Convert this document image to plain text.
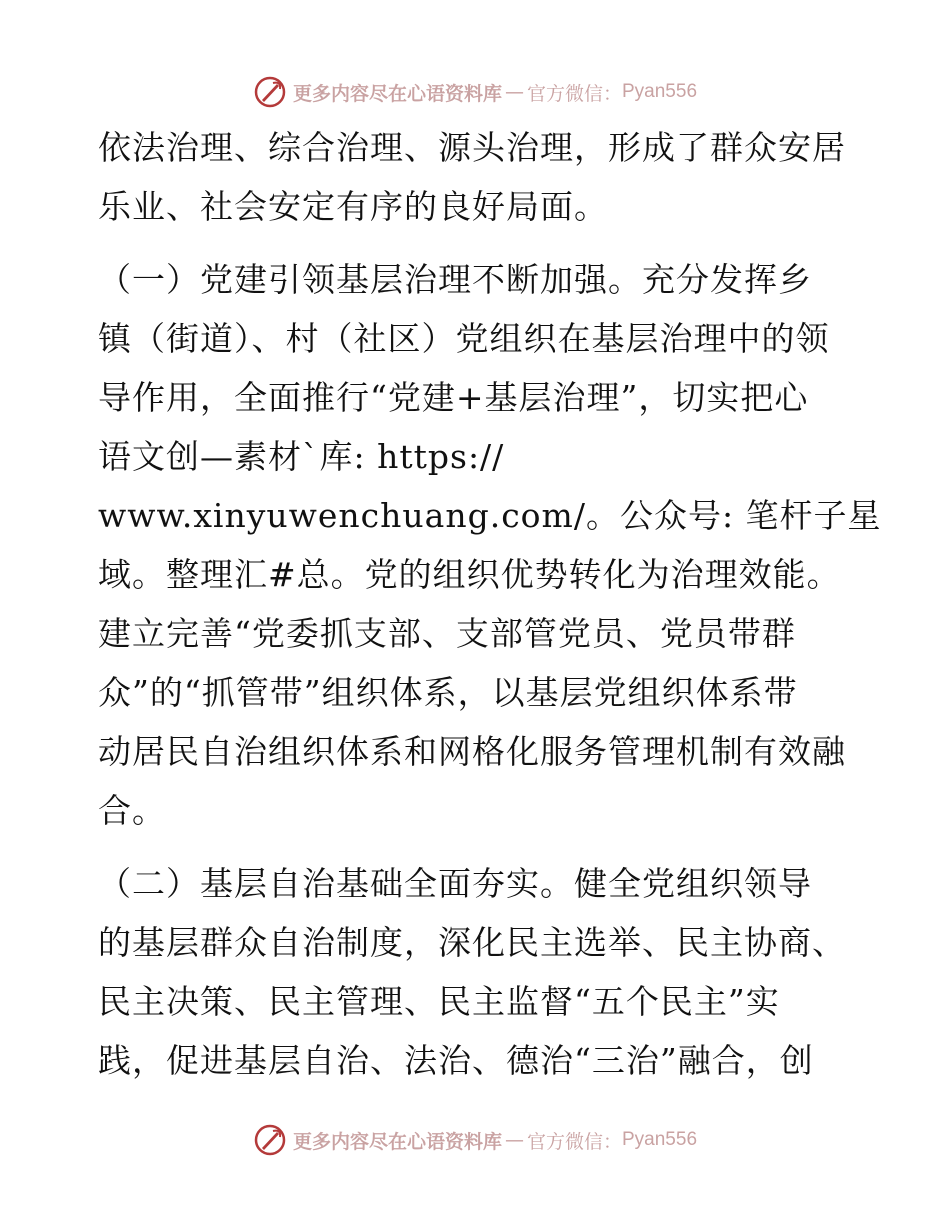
更多内容尽在心语资料库 — 官方微信： Pyan556
依法治理、综合治理、源头治理，形成了群众安居
乐业、社会安定有序的良好局面。
（一）党建引领基层治理不断加强。充分发挥乡
镇（街道）、村（社区）党组织在基层治理中的领
导作用，全面推行“党建+基层治理”，切实把心
语文创—素材`库: https://
www.xinyuwenchuang.com/。公众号: 笔杆子星
域。整理汇#总。党的组织优势转化为治理效能。
建立完善“党委抓支部、支部管党员、党员带群
众”的“抓管带”组织体系，以基层党组织体系带
动居民自治组织体系和网格化服务管理机制有效融
合。
（二）基层自治基础全面夯实。健全党组织领导
的基层群众自治制度，深化民主选举、民主协商、
民主决策、民主管理、民主监督“五个民主”实
践，促进基层自治、法治、德治“三治”融合，创
更多内容尽在心语资料库 — 官方微信： Pyan556
